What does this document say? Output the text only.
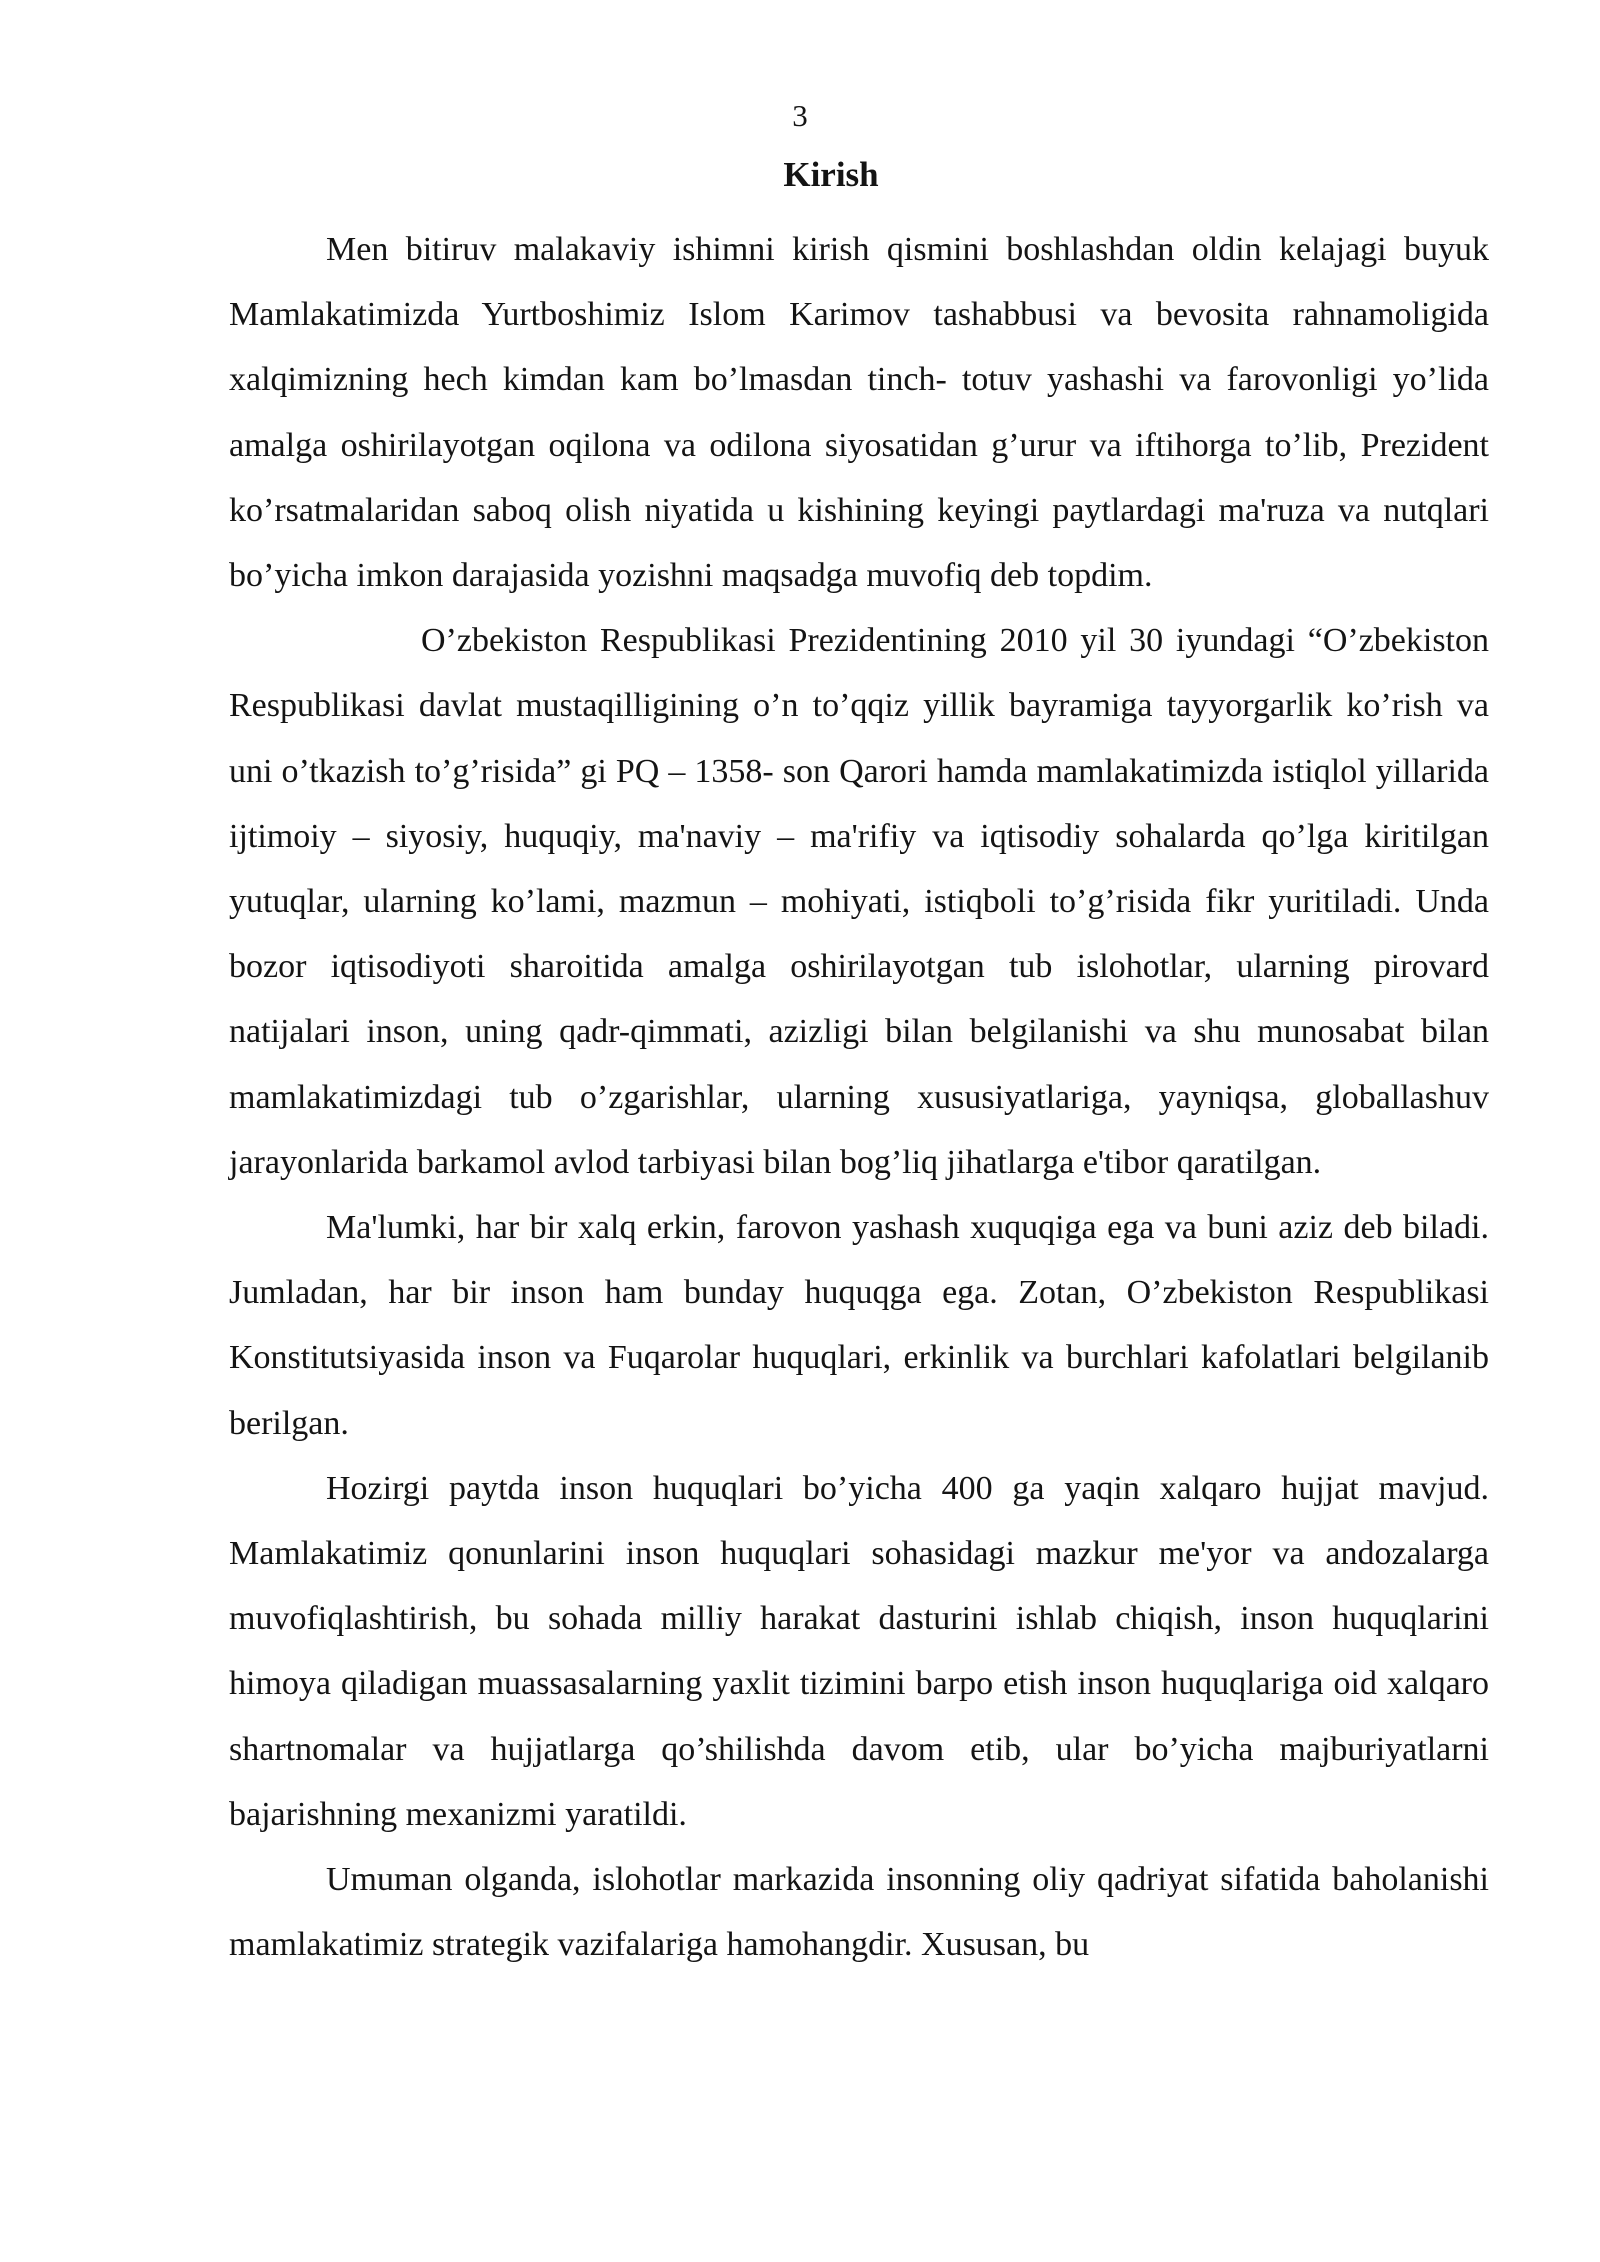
3
Kirish

Men bitiruv malakaviy ishimni kirish qismini boshlashdan oldin kelajagi buyuk Mamlakatimizda Yurtboshimiz Islom Karimov tashabbusi va bevosita rahnamoligida xalqimizning hech kimdan kam bo’lmasdan tinch- totuv yashashi va farovonligi yo’lida amalga oshirilayotgan oqilona va odilona siyosatidan g’urur va iftihorga to’lib, Prezident ko’rsatmalaridan saboq olish niyatida u kishining keyingi paytlardagi ma'ruza va nutqlari bo’yicha imkon darajasida yozishni maqsadga muvofiq deb topdim.

O’zbekiston Respublikasi Prezidentining 2010 yil 30 iyundagi “O’zbekiston Respublikasi davlat mustaqilligining o’n to’qqiz yillik bayramiga tayyorgarlik ko’rish va uni o’tkazish to’g’risida” gi PQ – 1358- son Qarori hamda mamlakatimizda istiqlol yillarida ijtimoiy – siyosiy, huquqiy, ma'naviy – ma'rifiy va iqtisodiy sohalarda qo’lga kiritilgan yutuqlar, ularning ko’lami, mazmun – mohiyati, istiqboli to’g’risida fikr yuritiladi. Unda bozor iqtisodiyoti sharoitida amalga oshirilayotgan tub islohotlar, ularning pirovard natijalari inson, uning qadr-qimmati, azizligi bilan belgilanishi va shu munosabat bilan mamlakatimizdagi tub o’zgarishlar, ularning xususiyatlariga, yayniqsa, globallashuv jarayonlarida barkamol avlod tarbiyasi bilan bog’liq jihatlarga e'tibor qaratilgan.

Ma'lumki, har bir xalq erkin, farovon yashash xuquqiga ega va buni aziz deb biladi. Jumladan, har bir inson ham bunday huquqga ega. Zotan, O’zbekiston Respublikasi Konstitutsiyasida inson va Fuqarolar huquqlari, erkinlik va burchlari kafolatlari belgilanib berilgan.

Hozirgi paytda inson huquqlari bo’yicha 400 ga yaqin xalqaro hujjat mavjud. Mamlakatimiz qonunlarini inson huquqlari sohasidagi mazkur me'yor va andozalarga muvofiqlashtirish, bu sohada milliy harakat dasturini ishlab chiqish, inson huquqlarini himoya qiladigan muassasalarning yaxlit tizimini barpo etish inson huquqlariga oid xalqaro shartnomalar va hujjatlarga qo’shilishda davom etib, ular bo’yicha majburiyatlarni bajarishning mexanizmi yaratildi.

Umuman olganda, islohotlar markazida insonning oliy qadriyat sifatida baholanishi mamlakatimiz strategik vazifalariga hamohangdir. Xususan, bu
